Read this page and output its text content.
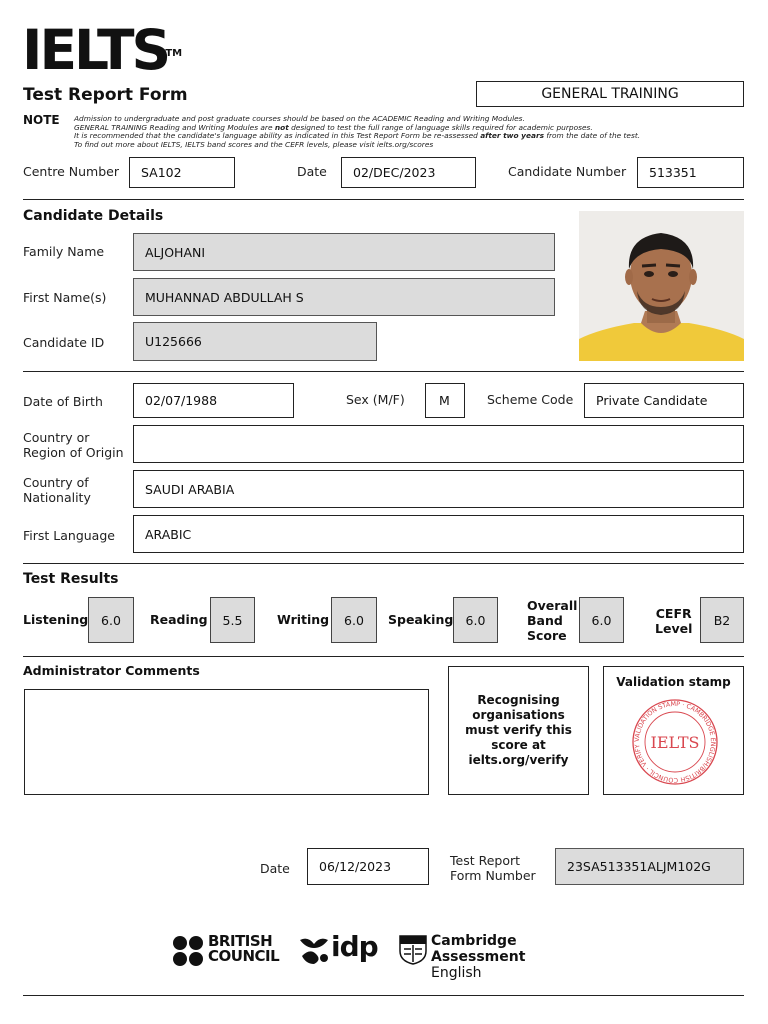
IELTS
TM
Test Report Form	GENERAL TRAINING
NOTE Admission to undergraduate and post graduate courses should be based on the ACADEMIC Reading and Writing Modules.
GENERAL TRAINING Reading and Writing Modules are not designed to test the full range of language skills required for academic purposes.
It is recommended that the candidate's language ability as indicated in this Test Report Form be re-assessed after two years from the date of the test.
To find out more about IELTS, IELTS band scores and the CEFR levels, please visit ielts.org/scores
Centre Number	SA102	Date	02/DEC/2023	Candidate Number	513351
Candidate Details
Family Name	ALJOHANI
First Name(s)	MUHANNAD ABDULLAH S
Candidate ID	U125666
Date of Birth	02/07/1988	Sex (M/F)	M	Scheme Code	Private Candidate
Country or
Region of Origin
Country of
Nationality
SAUDI ARABIA
First Language	ARABIC
Test Results
Listening	6.0	Reading	5.5	Writing	6.0	Speaking 6.0
Overall
Band
Score
6.0	CEFR
Level
B2
Administrator Comments
Recognising organisations must verify this score at ielts.org/verify
Validation stamp
VALIDATION STAMP · CAMBRIDGE ENGLISH/BRITISH COUNCIL · VERIFY IELTS
Date	06/12/2023	Test Report
Form Number
23SA513351ALJM102G
BRITISH
COUNCIL idp	Cambridge Assessment
English
